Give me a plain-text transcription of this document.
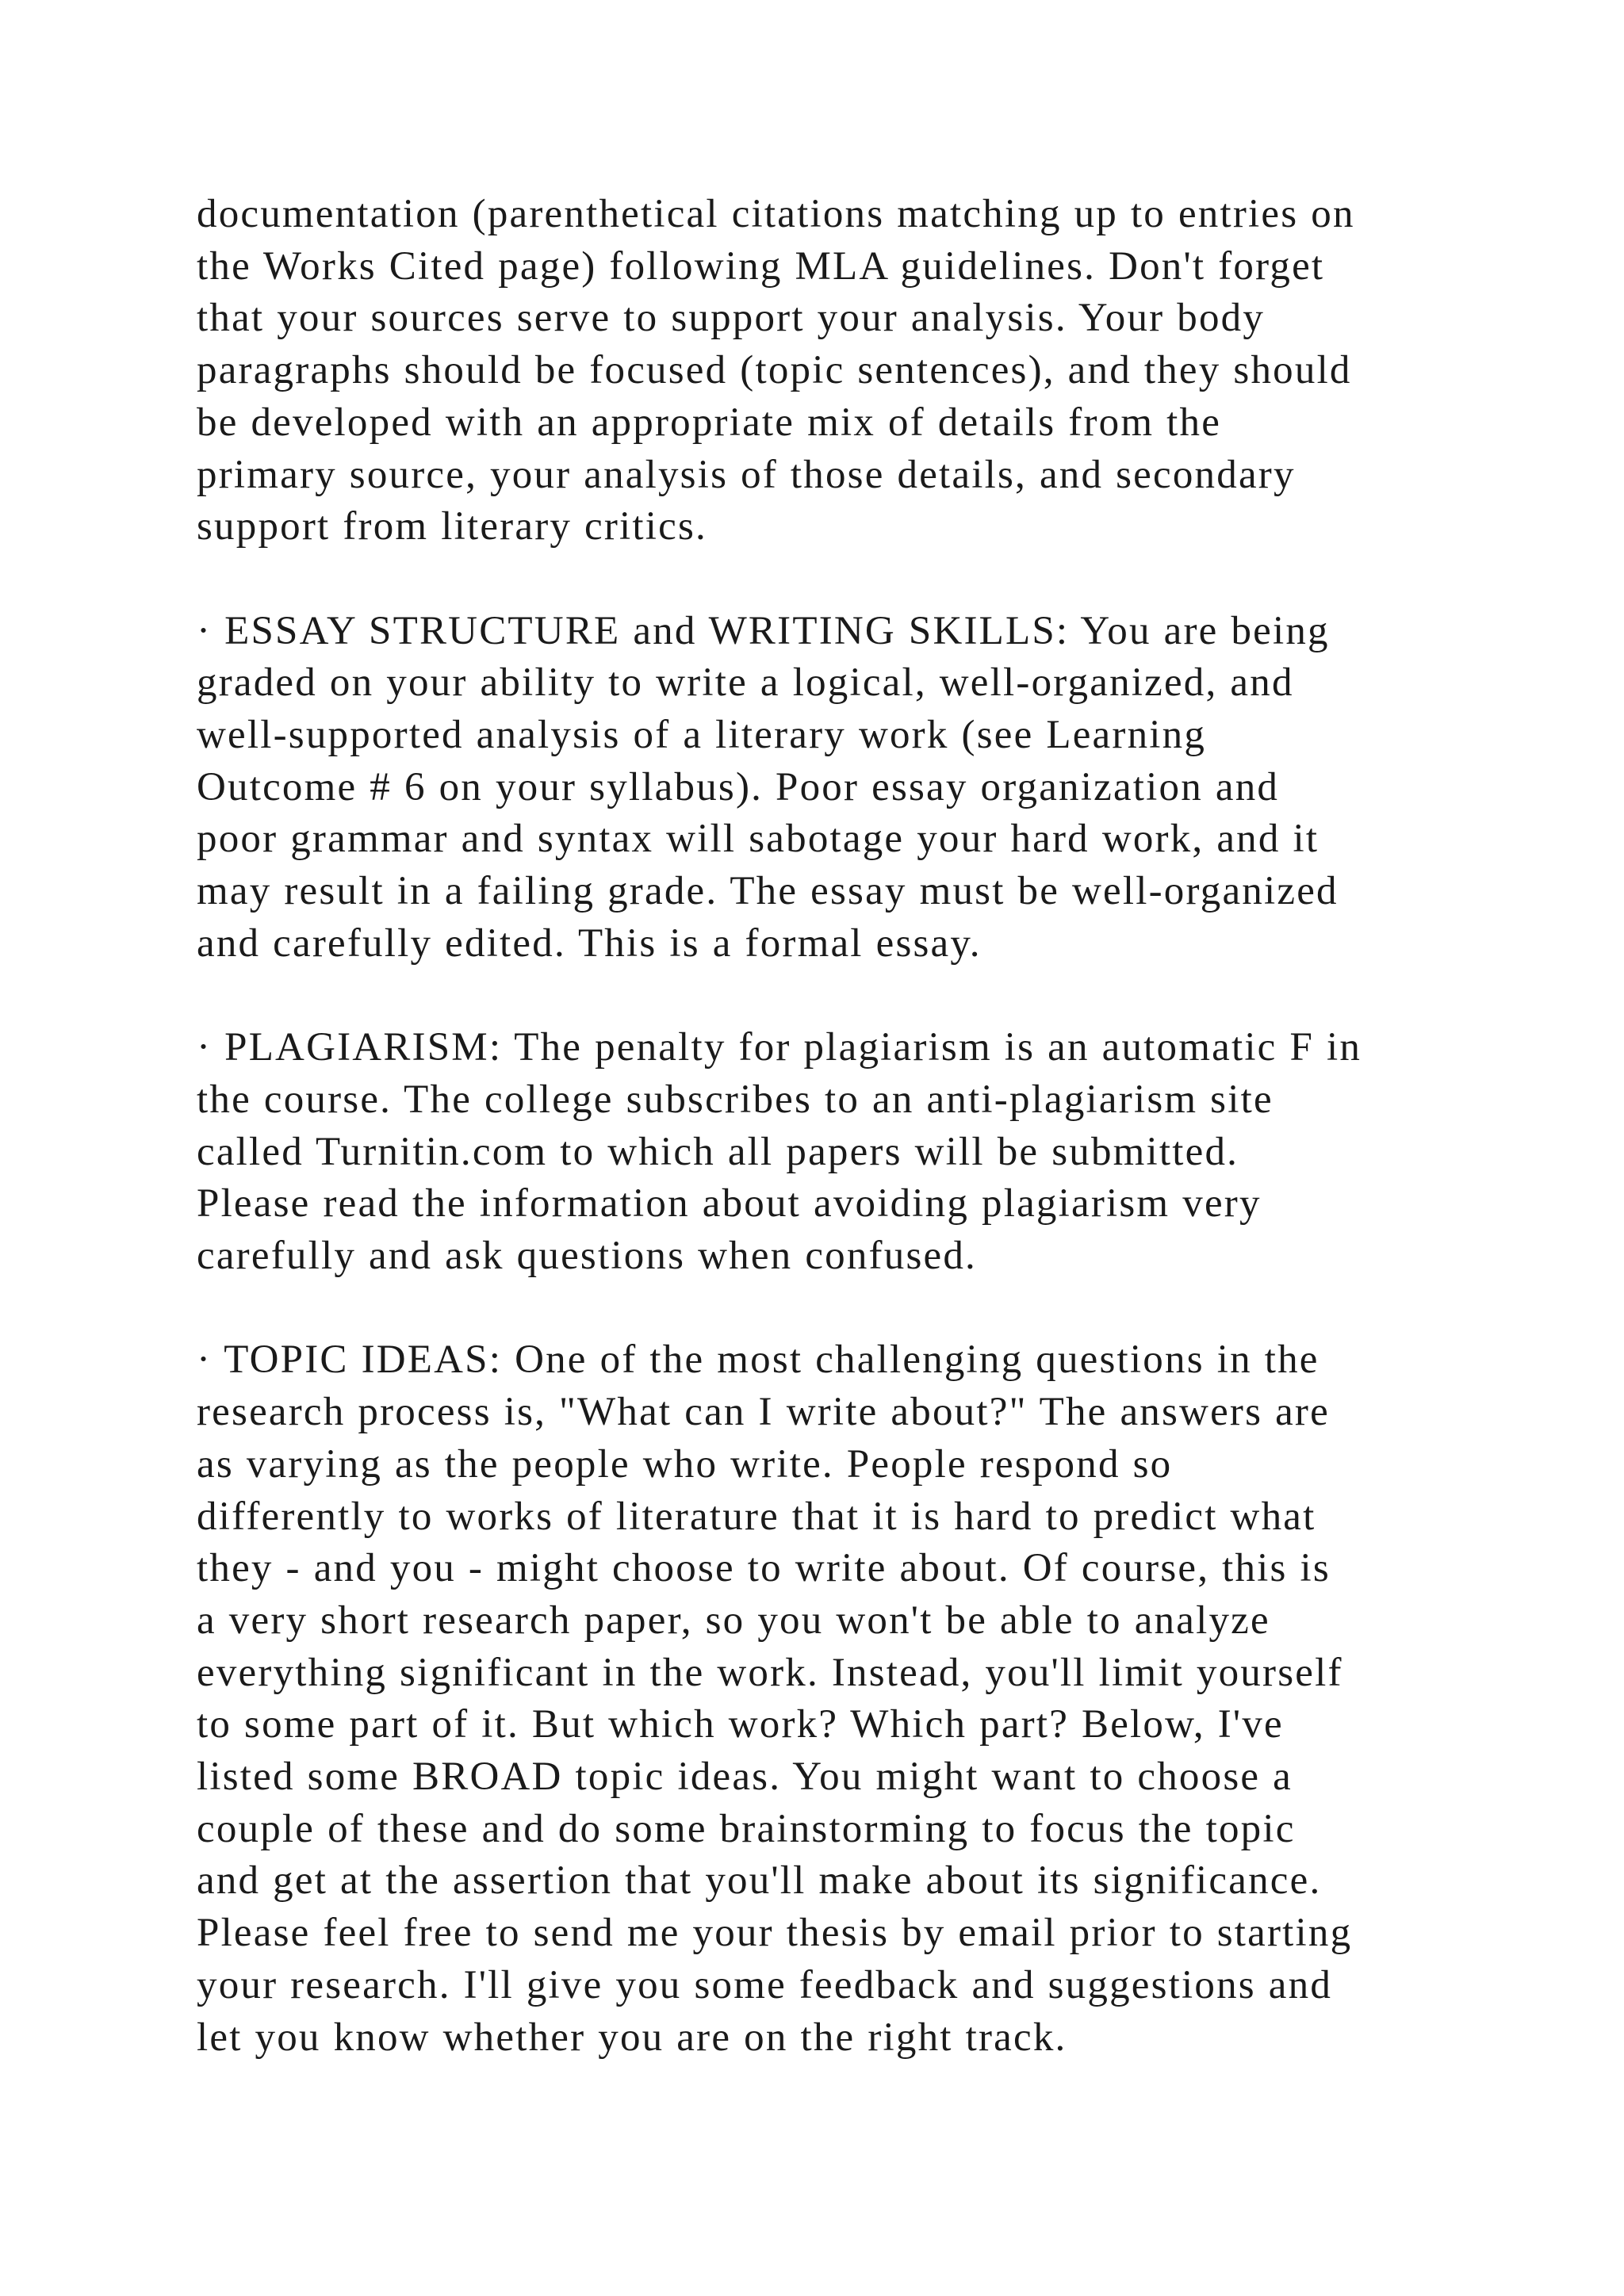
documentation (parenthetical citations matching up to entries on
the Works Cited page) following MLA guidelines. Don't forget
that your sources serve to support your analysis. Your body
paragraphs should be focused (topic sentences), and they should
be developed with an appropriate mix of details from the
primary source, your analysis of those details, and secondary
support from literary critics.

· ESSAY STRUCTURE and WRITING SKILLS: You are being
graded on your ability to write a logical, well-organized, and
well-supported analysis of a literary work (see Learning
Outcome # 6 on your syllabus). Poor essay organization and
poor grammar and syntax will sabotage your hard work, and it
may result in a failing grade. The essay must be well-organized
and carefully edited. This is a formal essay.

· PLAGIARISM: The penalty for plagiarism is an automatic F in
the course. The college subscribes to an anti-plagiarism site
called Turnitin.com to which all papers will be submitted.
Please read the information about avoiding plagiarism very
carefully and ask questions when confused.

· TOPIC IDEAS: One of the most challenging questions in the
research process is, "What can I write about?" The answers are
as varying as the people who write. People respond so
differently to works of literature that it is hard to predict what
they - and you - might choose to write about. Of course, this is
a very short research paper, so you won't be able to analyze
everything significant in the work. Instead, you'll limit yourself
to some part of it. But which work? Which part? Below, I've
listed some BROAD topic ideas. You might want to choose a
couple of these and do some brainstorming to focus the topic
and get at the assertion that you'll make about its significance.
Please feel free to send me your thesis by email prior to starting
your research. I'll give you some feedback and suggestions and
let you know whether you are on the right track.
